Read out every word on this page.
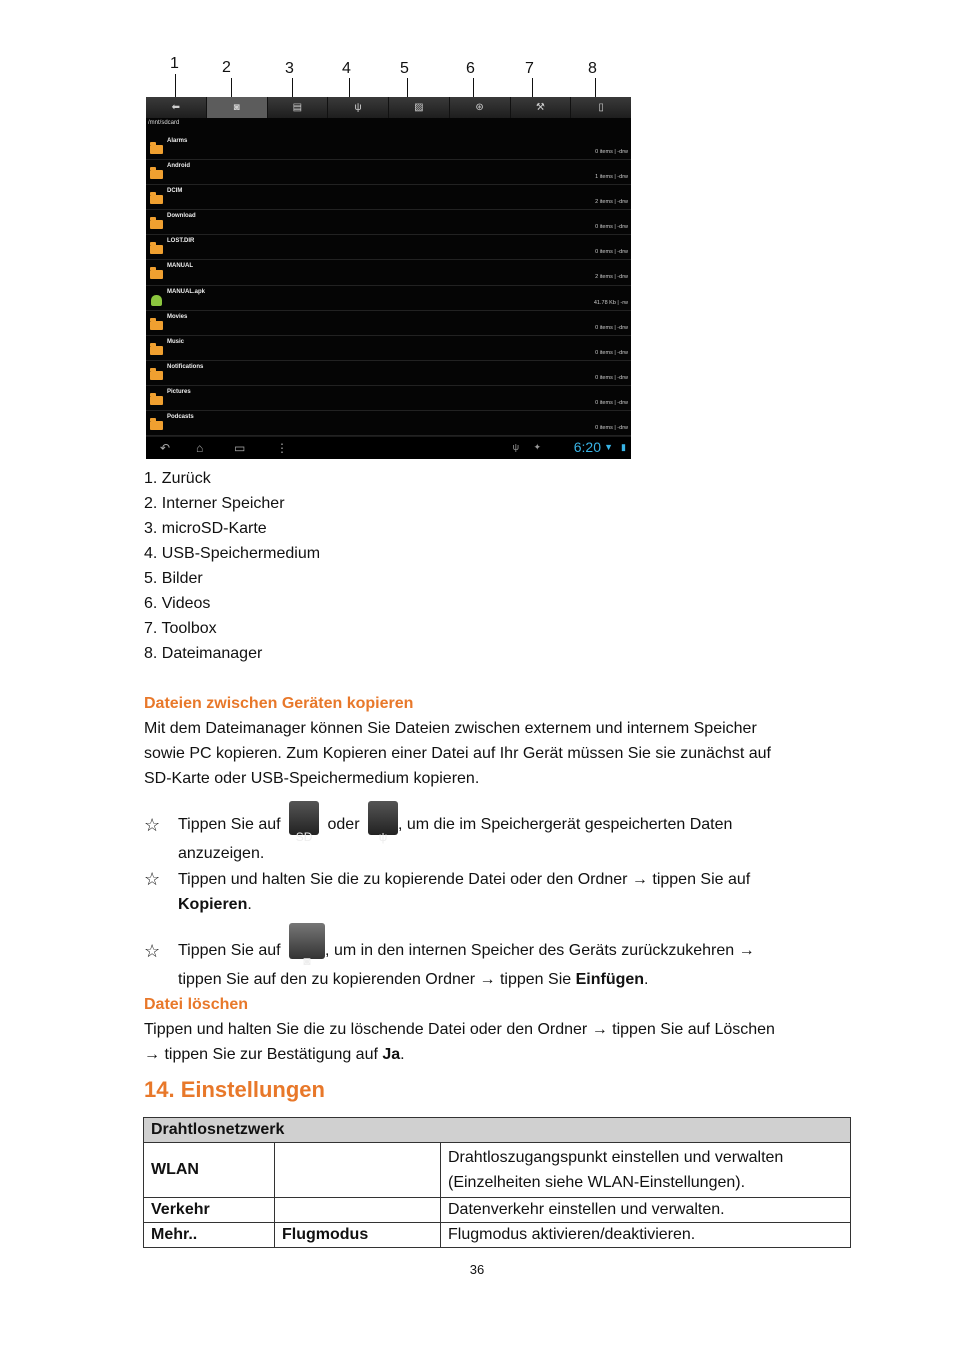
1	2	3	4	5	6	7	8
⬅	◙	▤	ψ	▨	⊛	⚒	▯
/mnt/sdcard
Alarms
0 items | -drw
Android
1 items | -drw
DCIM
2 items | -drw
Download
0 items | -drw
LOST.DIR
0 items | -drw
MANUAL
2 items | -drw
MANUAL.apk
41.78 Kb | -rw
Movies
0 items | -drw
Music
0 items | -drw
Notifications
0 items | -drw
Pictures
0 items | -drw
Podcasts
0 items | -drw
↶ ⌂	▭	⋮	ψ ✦ 6:20 ▼ ▮
1. Zurück
2. Interner Speicher
3. microSD-Karte
4. USB-Speichermedium
5. Bilder
6. Videos
7. Toolbox
8. Dateimanager
Dateien zwischen Geräten kopieren
Mit dem Dateimanager können Sie Dateien zwischen externem und internem Speicher
sowie PC kopieren. Zum Kopieren einer Datei auf Ihr Gerät müssen Sie sie zunächst auf
SD-Karte oder USB-Speichermedium kopieren.
☆ Tippen Sie auf
SD
oder
ψ
, um die im Speichergerät gespeicherten Daten
anzuzeigen.
☆ Tippen und halten Sie die zu kopierende Datei oder den Ordner → tippen Sie auf
Kopieren.
☆ Tippen Sie auf
◙
, um in den internen Speicher des Geräts zurückzukehren →
tippen Sie auf den zu kopierenden Ordner → tippen Sie Einfügen.
Datei löschen
Tippen und halten Sie die zu löschende Datei oder den Ordner → tippen Sie auf Löschen
→ tippen Sie zur Bestätigung auf Ja.
14. Einstellungen
Drahtlosnetzwerk		
WLAN		Drahtloszugangspunkt einstellen und verwalten
(Einzelheiten siehe WLAN-Einstellungen).

Verkehr		Datenverkehr einstellen und verwalten.
Mehr..	Flugmodus	Flugmodus aktivieren/deaktivieren.
36
